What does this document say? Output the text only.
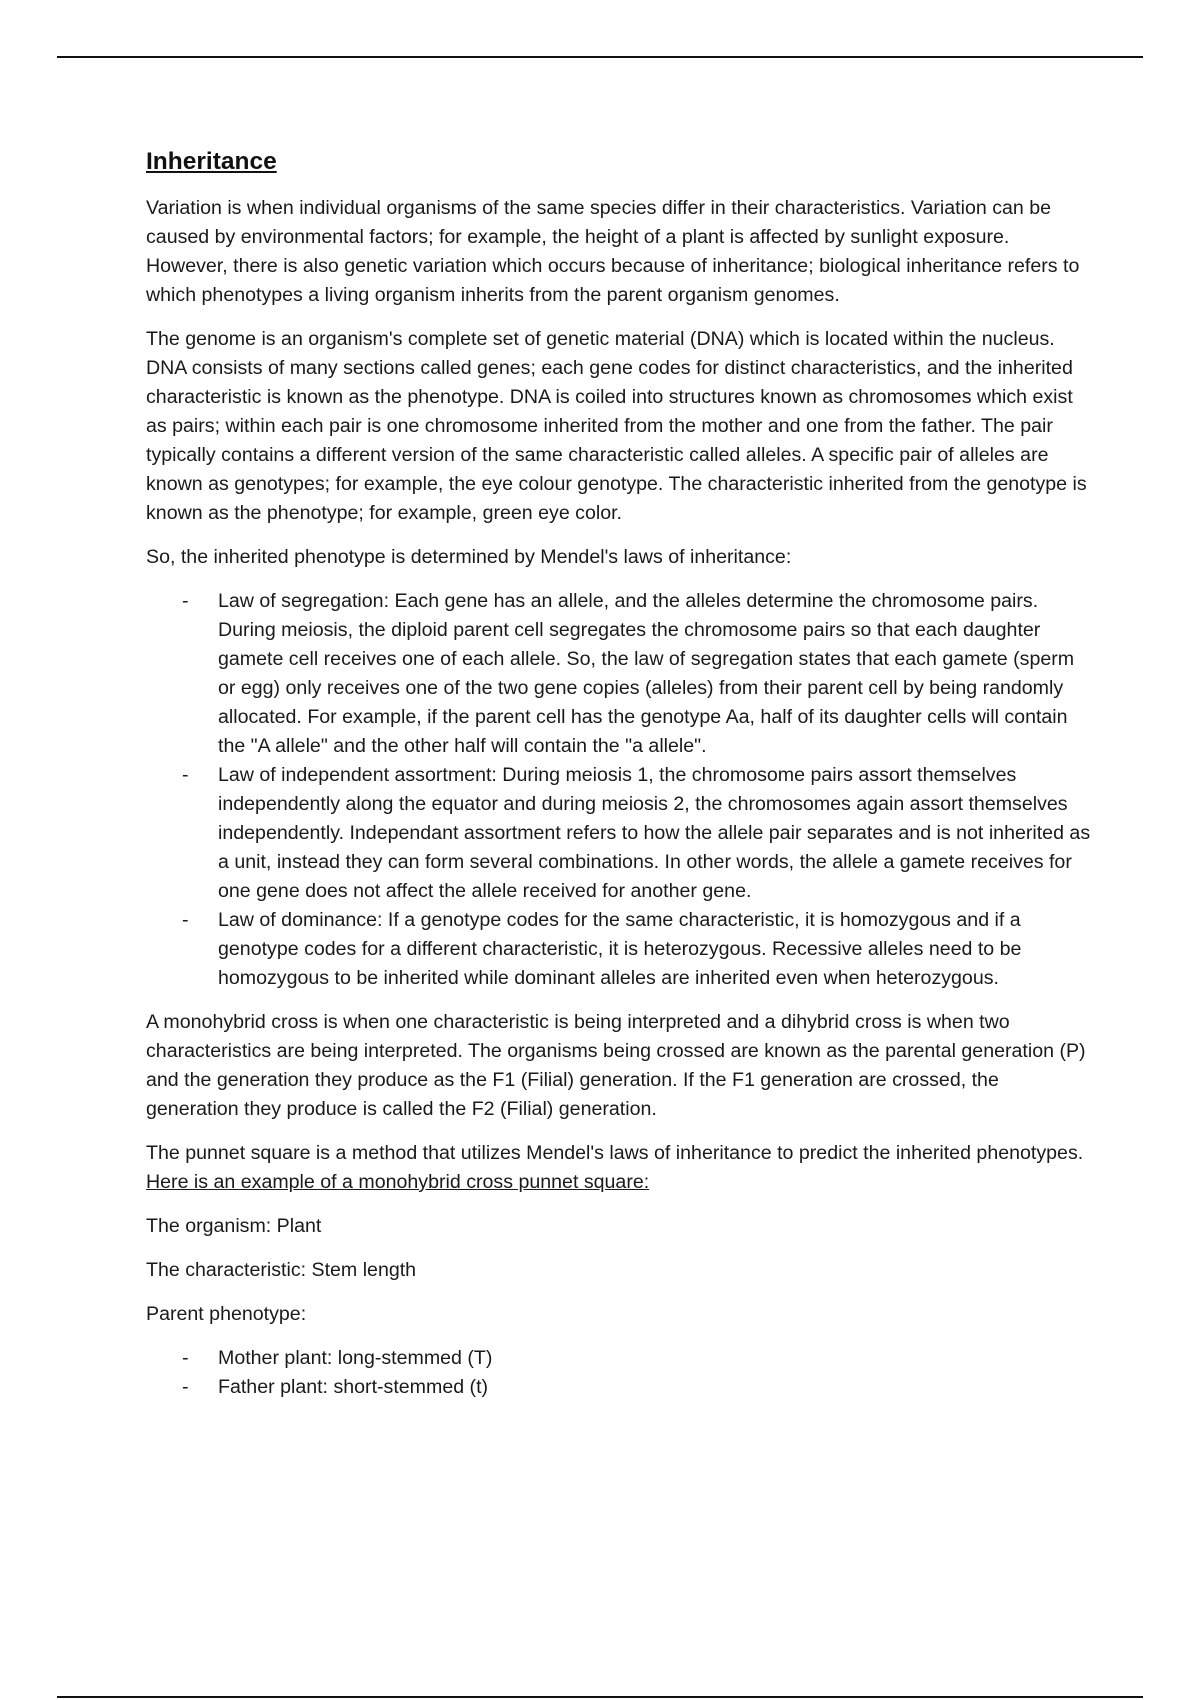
Inheritance

Variation is when individual organisms of the same species differ in their characteristics. Variation can be caused by environmental factors; for example, the height of a plant is affected by sunlight exposure. However, there is also genetic variation which occurs because of inheritance; biological inheritance refers to which phenotypes a living organism inherits from the parent organism genomes.

The genome is an organism's complete set of genetic material (DNA) which is located within the nucleus. DNA consists of many sections called genes; each gene codes for distinct characteristics, and the inherited characteristic is known as the phenotype. DNA is coiled into structures known as chromosomes which exist as pairs; within each pair is one chromosome inherited from the mother and one from the father. The pair typically contains a different version of the same characteristic called alleles. A specific pair of alleles are known as genotypes; for example, the eye colour genotype. The characteristic inherited from the genotype is known as the phenotype; for example, green eye color.

So, the inherited phenotype is determined by Mendel's laws of inheritance:

- Law of segregation: Each gene has an allele, and the alleles determine the chromosome pairs. During meiosis, the diploid parent cell segregates the chromosome pairs so that each daughter gamete cell receives one of each allele. So, the law of segregation states that each gamete (sperm or egg) only receives one of the two gene copies (alleles) from their parent cell by being randomly allocated. For example, if the parent cell has the genotype Aa, half of its daughter cells will contain the "A allele" and the other half will contain the "a allele".
- Law of independent assortment: During meiosis 1, the chromosome pairs assort themselves independently along the equator and during meiosis 2, the chromosomes again assort themselves independently. Independant assortment refers to how the allele pair separates and is not inherited as a unit, instead they can form several combinations. In other words, the allele a gamete receives for one gene does not affect the allele received for another gene.
- Law of dominance: If a genotype codes for the same characteristic, it is homozygous and if a genotype codes for a different characteristic, it is heterozygous. Recessive alleles need to be homozygous to be inherited while dominant alleles are inherited even when heterozygous.

A monohybrid cross is when one characteristic is being interpreted and a dihybrid cross is when two characteristics are being interpreted. The organisms being crossed are known as the parental generation (P) and the generation they produce as the F1 (Filial) generation. If the F1 generation are crossed, the generation they produce is called the F2 (Filial) generation.

The punnet square is a method that utilizes Mendel's laws of inheritance to predict the inherited phenotypes. Here is an example of a monohybrid cross punnet square:

The organism: Plant

The characteristic: Stem length

Parent phenotype:

- Mother plant: long-stemmed (T)
- Father plant: short-stemmed (t)
